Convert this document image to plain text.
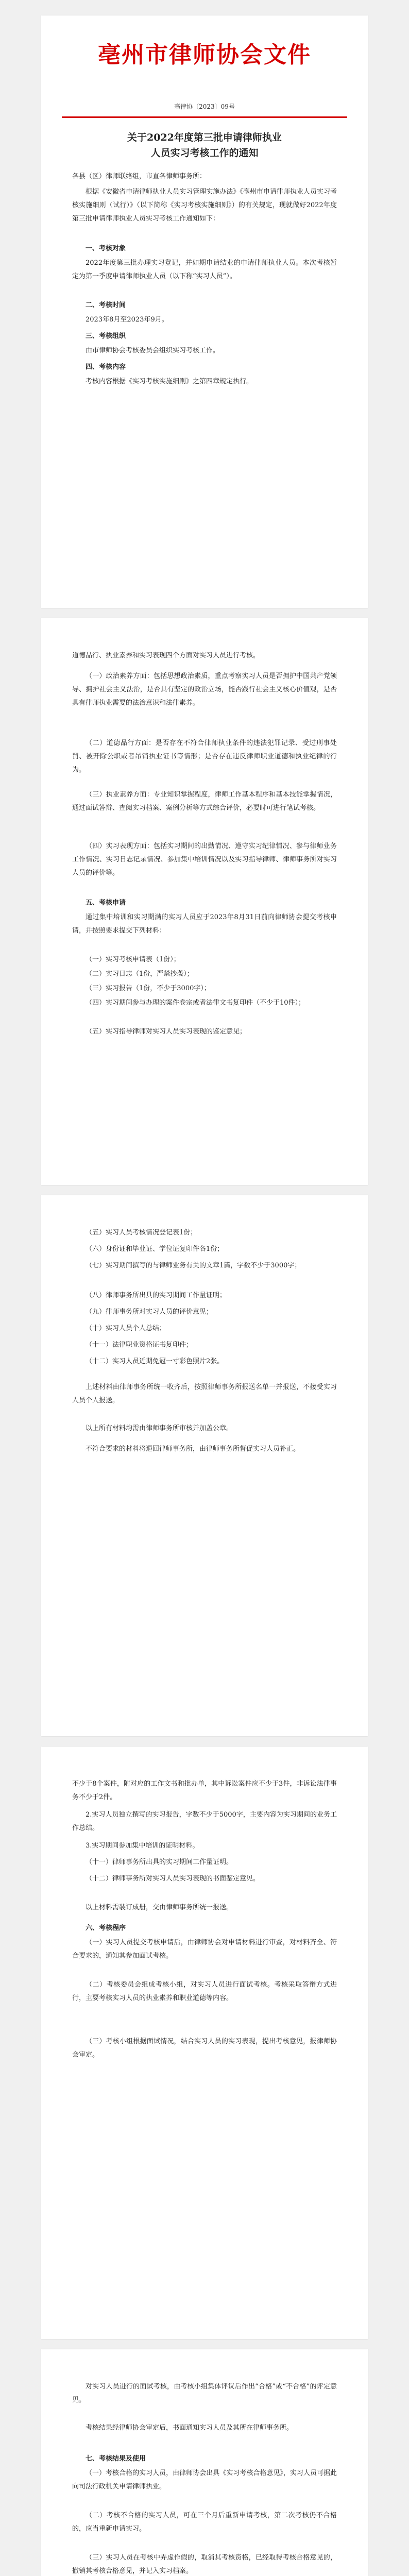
亳州市律师协会文件
亳律协〔2023〕09号
关于2022年度第三批申请律师执业
人员实习考核工作的通知
各县（区）律师联络组，市直各律师事务所：
根据《安徽省申请律师执业人员实习管理实施办法》《亳州市申请律师执业人员实习考核实施细则（试行）》（以下简称《实习考核实施细则》）的有关规定，现就做好2022年度第三批申请律师执业人员实习考核工作通知如下：
一、考核对象
2022年度第三批办理实习登记，并如期申请结业的申请律师执业人员。本次考核暂定为第一季度申请律师执业人员（以下称“实习人员”）。
二、考核时间
2023年8月至2023年9月。
三、考核组织
由市律师协会考核委员会组织实习考核工作。
四、考核内容
考核内容根据《实习考核实施细则》之第四章规定执行。
道德品行、执业素养和实习表现四个方面对实习人员进行考核。
（一）政治素养方面：包括思想政治素质，重点考察实习人员是否拥护中国共产党领导、拥护社会主义法治，是否具有坚定的政治立场，能否践行社会主义核心价值观，是否具有律师执业需要的法治意识和法律素养。
（二）道德品行方面：是否存在不符合律师执业条件的违法犯罪记录、受过刑事处罚、被开除公职或者吊销执业证书等情形；是否存在违反律师职业道德和执业纪律的行为。
（三）执业素养方面：专业知识掌握程度，律师工作基本程序和基本技能掌握情况，通过面试答辩、查阅实习档案、案例分析等方式综合评价，必要时可进行笔试考核。
（四）实习表现方面：包括实习期间的出勤情况、遵守实习纪律情况、参与律师业务工作情况、实习日志记录情况、参加集中培训情况以及实习指导律师、律师事务所对实习人员的评价等。
五、考核申请
通过集中培训和实习期满的实习人员应于2023年8月31日前向律师协会提交考核申请，并按照要求提交下列材料：
（一）实习考核申请表（1份）；
（二）实习日志（1份，严禁抄袭）；
（三）实习报告（1份，不少于3000字）；
（四）实习期间参与办理的案件卷宗或者法律文书复印件（不少于10件）；
（五）实习指导律师对实习人员实习表现的鉴定意见；
（五）实习人员考核情况登记表1份；
（六）身份证和毕业证、学位证复印件各1份；
（七）实习期间撰写的与律师业务有关的文章1篇，字数不少于3000字；
（八）律师事务所出具的实习期间工作量证明；
（九）律师事务所对实习人员的评价意见；
（十）实习人员个人总结；
（十一）法律职业资格证书复印件；
（十二）实习人员近期免冠一寸彩色照片2张。
上述材料由律师事务所统一收齐后，按照律师事务所报送名单一并报送，不接受实习人员个人报送。
以上所有材料均需由律师事务所审核并加盖公章。
不符合要求的材料将退回律师事务所，由律师事务所督促实习人员补正。
不少于8个案件，附对应的工作文书和批办单，其中诉讼案件应不少于3件，非诉讼法律事务不少于2件。
2.实习人员独立撰写的实习报告，字数不少于5000字，主要内容为实习期间的业务工作总结。
3.实习期间参加集中培训的证明材料。
（十一）律师事务所出具的实习期间工作量证明。
（十二）律师事务所对实习人员实习表现的书面鉴定意见。
以上材料需装订成册，交由律师事务所统一报送。
六、考核程序
（一）实习人员提交考核申请后，由律师协会对申请材料进行审查，对材料齐全、符合要求的，通知其参加面试考核。
（二）考核委员会组成考核小组，对实习人员进行面试考核。考核采取答辩方式进行，主要考核实习人员的执业素养和职业道德等内容。
（三）考核小组根据面试情况，结合实习人员的实习表现，提出考核意见，报律师协会审定。
对实习人员进行的面试考核，由考核小组集体评议后作出“合格”或“不合格”的评定意见。
考核结果经律师协会审定后，书面通知实习人员及其所在律师事务所。
七、考核结果及使用
（一）考核合格的实习人员，由律师协会出具《实习考核合格意见》，实习人员可据此向司法行政机关申请律师执业。
（二）考核不合格的实习人员，可在三个月后重新申请考核，第二次考核仍不合格的，应当重新申请实习。
（三）实习人员在考核中弄虚作假的，取消其考核资格，已经取得考核合格意见的，撤销其考核合格意见，并记入实习档案。
